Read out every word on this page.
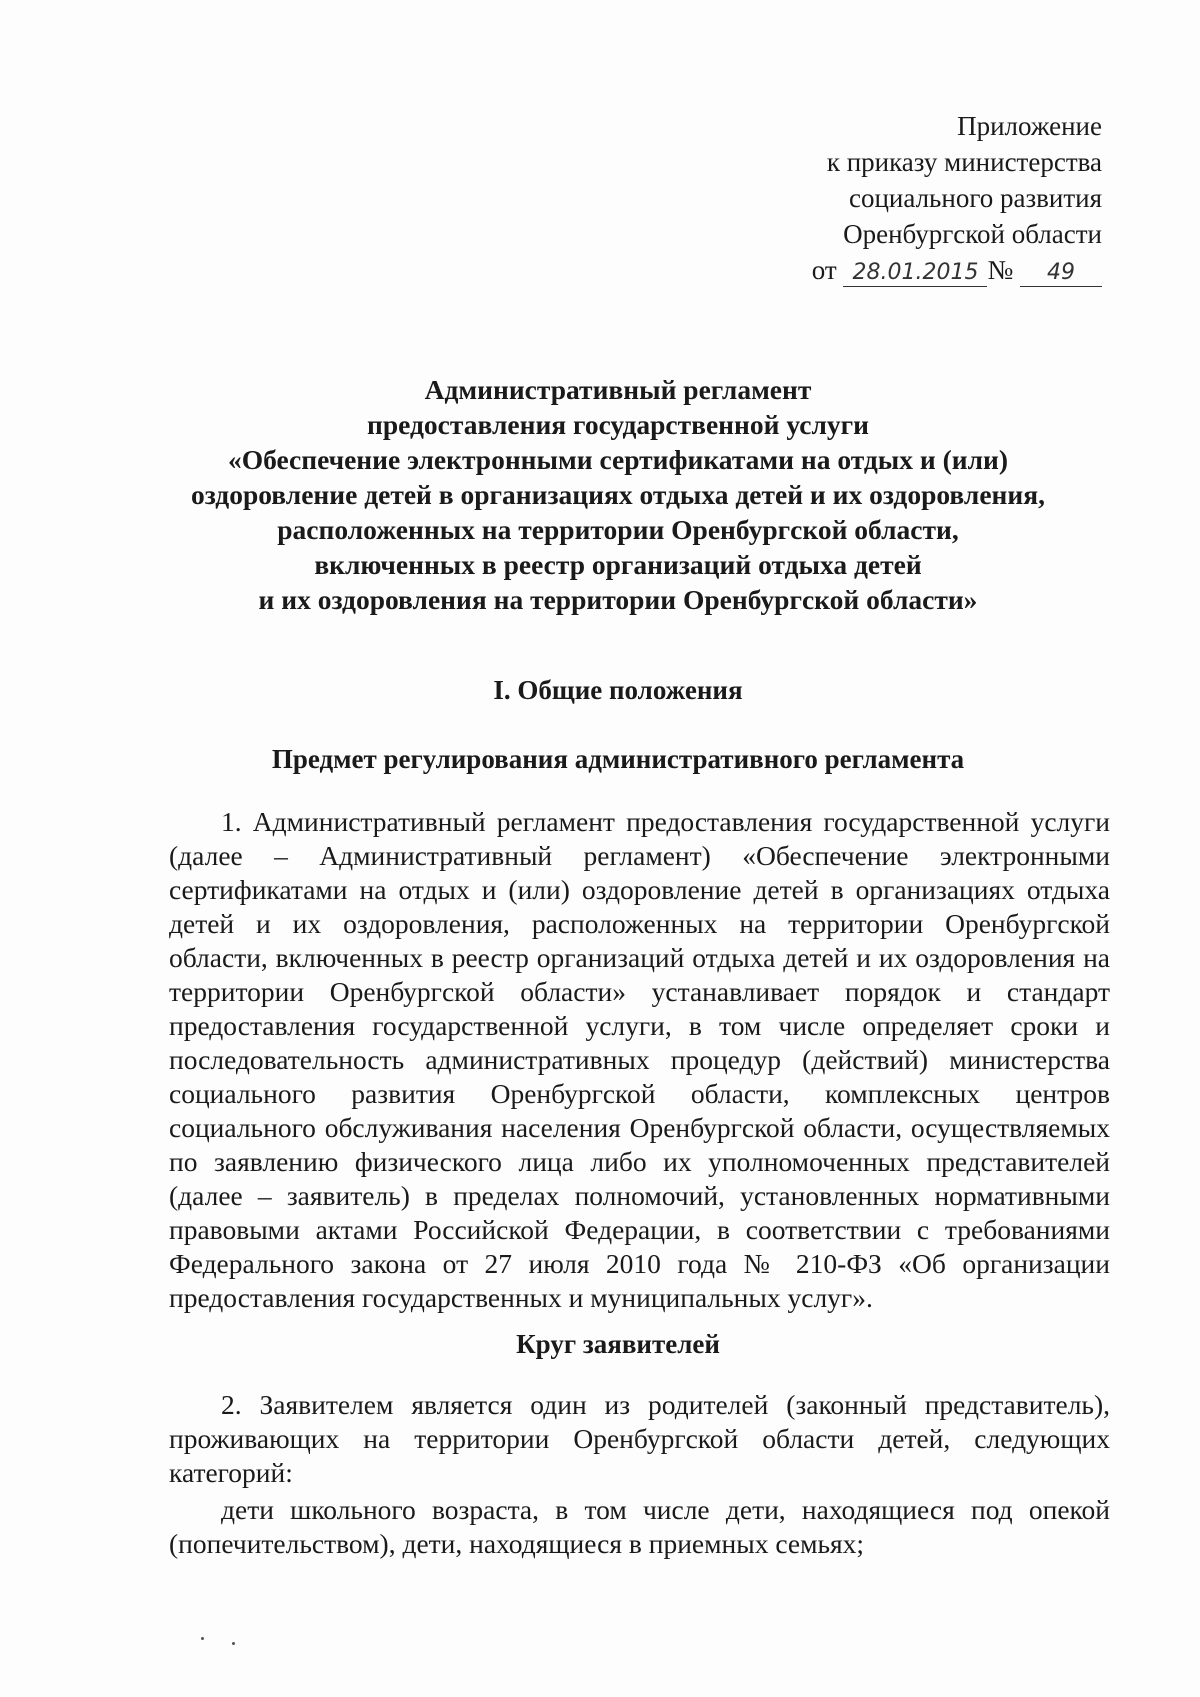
Приложение
к приказу министерства
социального развития
Оренбургской области
от 28.01.2015 № 49
Административный регламент
предоставления государственной услуги
«Обеспечение электронными сертификатами на отдых и (или)
оздоровление детей в организациях отдыха детей и их оздоровления,
расположенных на территории Оренбургской области,
включенных в реестр организаций отдыха детей
и их оздоровления на территории Оренбургской области»
I. Общие положения
Предмет регулирования административного регламента
1. Административный регламент предоставления государственной услуги (далее – Административный регламент) «Обеспечение электронными сертификатами на отдых и (или) оздоровление детей в организациях отдыха детей и их оздоровления, расположенных на территории Оренбургской области, включенных в реестр организаций отдыха детей и их оздоровления на территории Оренбургской области» устанавливает порядок и стандарт предоставления государственной услуги, в том числе определяет сроки и последовательность административных процедур (действий) министерства социального развития Оренбургской области, комплексных центров социального обслуживания населения Оренбургской области, осуществляемых по заявлению физического лица либо их уполномоченных представителей (далее – заявитель) в пределах полномочий, установленных нормативными правовыми актами Российской Федерации, в соответствии с требованиями Федерального закона от 27 июля 2010 года № 210-ФЗ «Об организации предоставления государственных и муниципальных услуг».
Круг заявителей
2. Заявителем является один из родителей (законный представитель), проживающих на территории Оренбургской области детей, следующих категорий:
дети школьного возраста, в том числе дети, находящиеся под опекой (попечительством), дети, находящиеся в приемных семьях;
